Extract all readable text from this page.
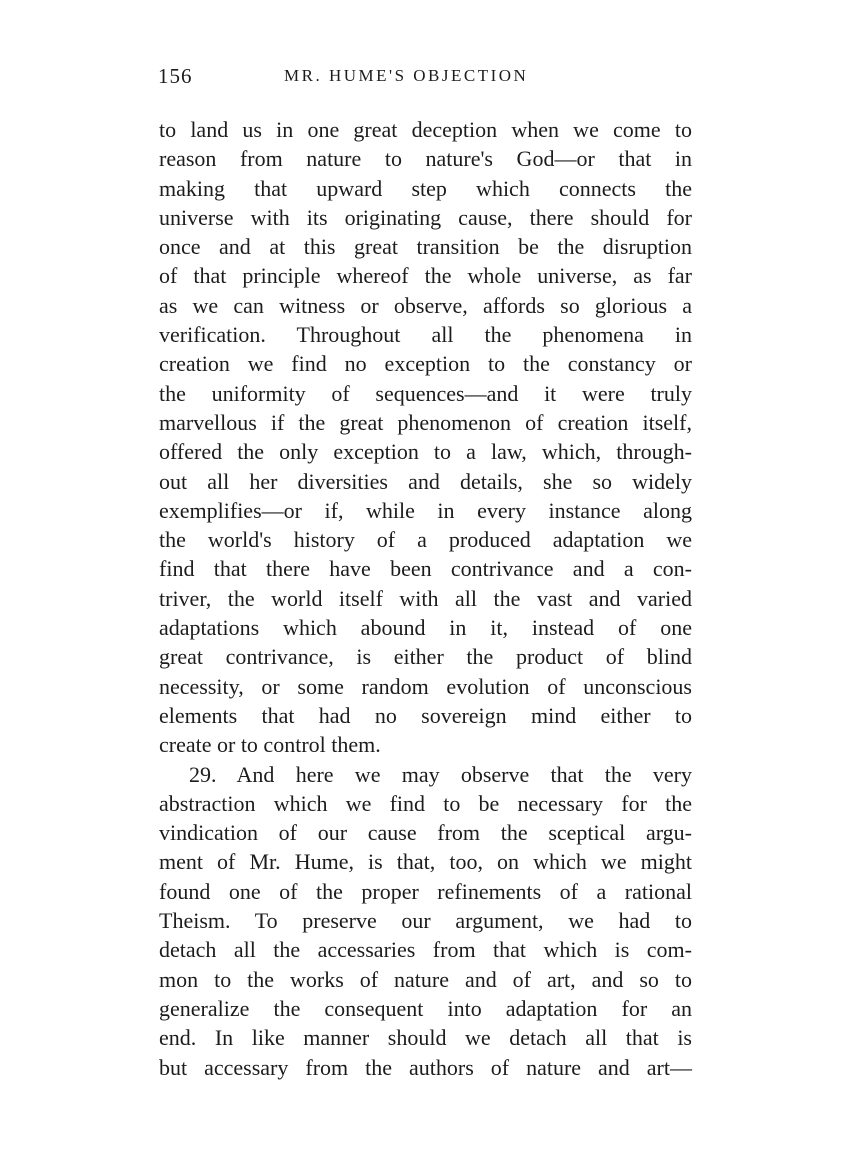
156	MR. HUME'S OBJECTION
to land us in one great deception when we come to
reason from nature to nature's God—or that in
making that upward step which connects the
universe with its originating cause, there should for
once and at this great transition be the disruption
of that principle whereof the whole universe, as far
as we can witness or observe, affords so glorious a
verification. Throughout all the phenomena in
creation we find no exception to the constancy or
the uniformity of sequences—and it were truly
marvellous if the great phenomenon of creation itself,
offered the only exception to a law, which, through-
out all her diversities and details, she so widely
exemplifies—or if, while in every instance along
the world's history of a produced adaptation we
find that there have been contrivance and a con-
triver, the world itself with all the vast and varied
adaptations which abound in it, instead of one
great contrivance, is either the product of blind
necessity, or some random evolution of unconscious
elements that had no sovereign mind either to
create or to control them.
29. And here we may observe that the very
abstraction which we find to be necessary for the
vindication of our cause from the sceptical argu-
ment of Mr. Hume, is that, too, on which we might
found one of the proper refinements of a rational
Theism. To preserve our argument, we had to
detach all the accessaries from that which is com-
mon to the works of nature and of art, and so to
generalize the consequent into adaptation for an
end. In like manner should we detach all that is
but accessary from the authors of nature and art—
